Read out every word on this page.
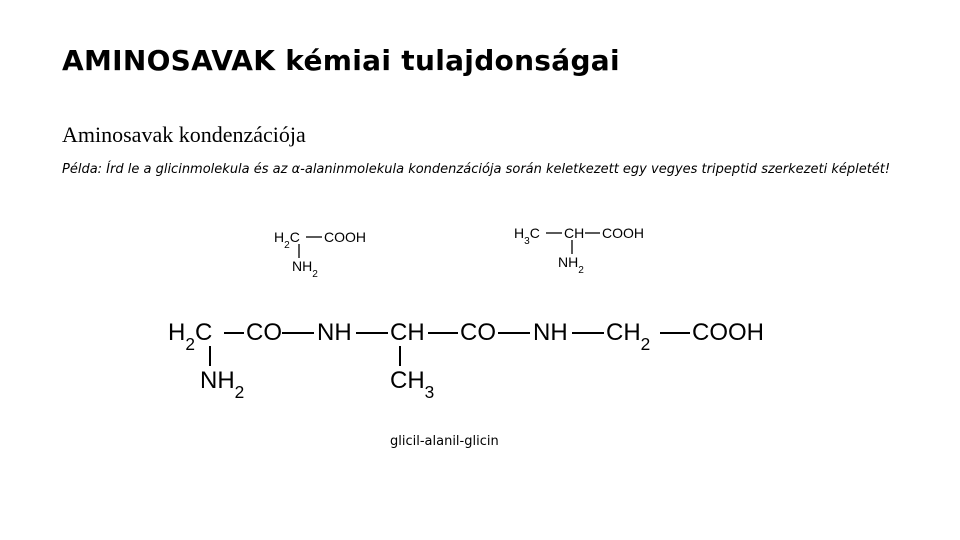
AMINOSAVAK kémiai tulajdonságai
Aminosavak kondenzációja
Példa: Írd le a glicinmolekula és az α-alaninmolekula kondenzációja során keletkezett egy vegyes tripeptid szerkezeti képletét!
$H_2C$ COOH
$NH_2$
$H_3C$ CH COOH
$NH_2$
$H_2C$ CO NH CH CO NH $CH_2$ COOH
$NH_2$	$CH_3$
glicil-alanil-glicin
